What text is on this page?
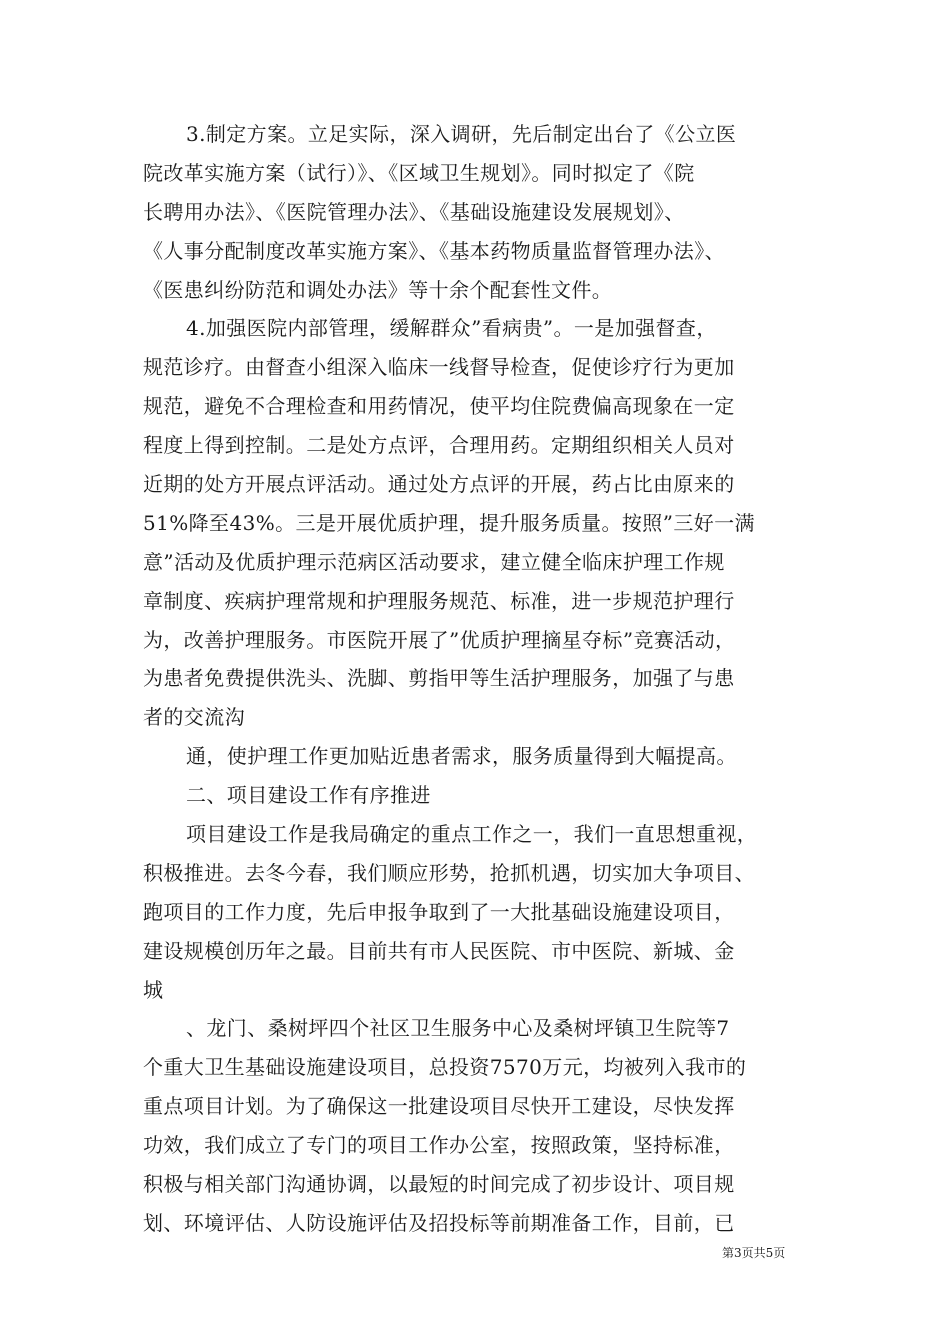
3.制定方案。立足实际，深入调研，先后制定出台了《公立医
院改革实施方案（试行）》、《区域卫生规划》。同时拟定了《院
长聘用办法》、《医院管理办法》、《基础设施建设发展规划》、
《人事分配制度改革实施方案》、《基本药物质量监督管理办法》、
《医患纠纷防范和调处办法》等十余个配套性文件。
4.加强医院内部管理，缓解群众”看病贵”。一是加强督查，
规范诊疗。由督查小组深入临床一线督导检查，促使诊疗行为更加
规范，避免不合理检查和用药情况，使平均住院费偏高现象在一定
程度上得到控制。二是处方点评，合理用药。定期组织相关人员对
近期的处方开展点评活动。通过处方点评的开展，药占比由原来的
51%降至43%。三是开展优质护理，提升服务质量。按照”三好一满
意”活动及优质护理示范病区活动要求，建立健全临床护理工作规
章制度、疾病护理常规和护理服务规范、标准，进一步规范护理行
为，改善护理服务。市医院开展了”优质护理摘星夺标”竞赛活动，
为患者免费提供洗头、洗脚、剪指甲等生活护理服务，加强了与患
者的交流沟
通，使护理工作更加贴近患者需求，服务质量得到大幅提高。
二、项目建设工作有序推进
项目建设工作是我局确定的重点工作之一，我们一直思想重视，
积极推进。去冬今春，我们顺应形势，抢抓机遇，切实加大争项目、
跑项目的工作力度，先后申报争取到了一大批基础设施建设项目，
建设规模创历年之最。目前共有市人民医院、市中医院、新城、金
城
、龙门、桑树坪四个社区卫生服务中心及桑树坪镇卫生院等7
个重大卫生基础设施建设项目，总投资7570万元，均被列入我市的
重点项目计划。为了确保这一批建设项目尽快开工建设，尽快发挥
功效，我们成立了专门的项目工作办公室，按照政策，坚持标准，
积极与相关部门沟通协调，以最短的时间完成了初步设计、项目规
划、环境评估、人防设施评估及招投标等前期准备工作，目前，已
第3页共5页
